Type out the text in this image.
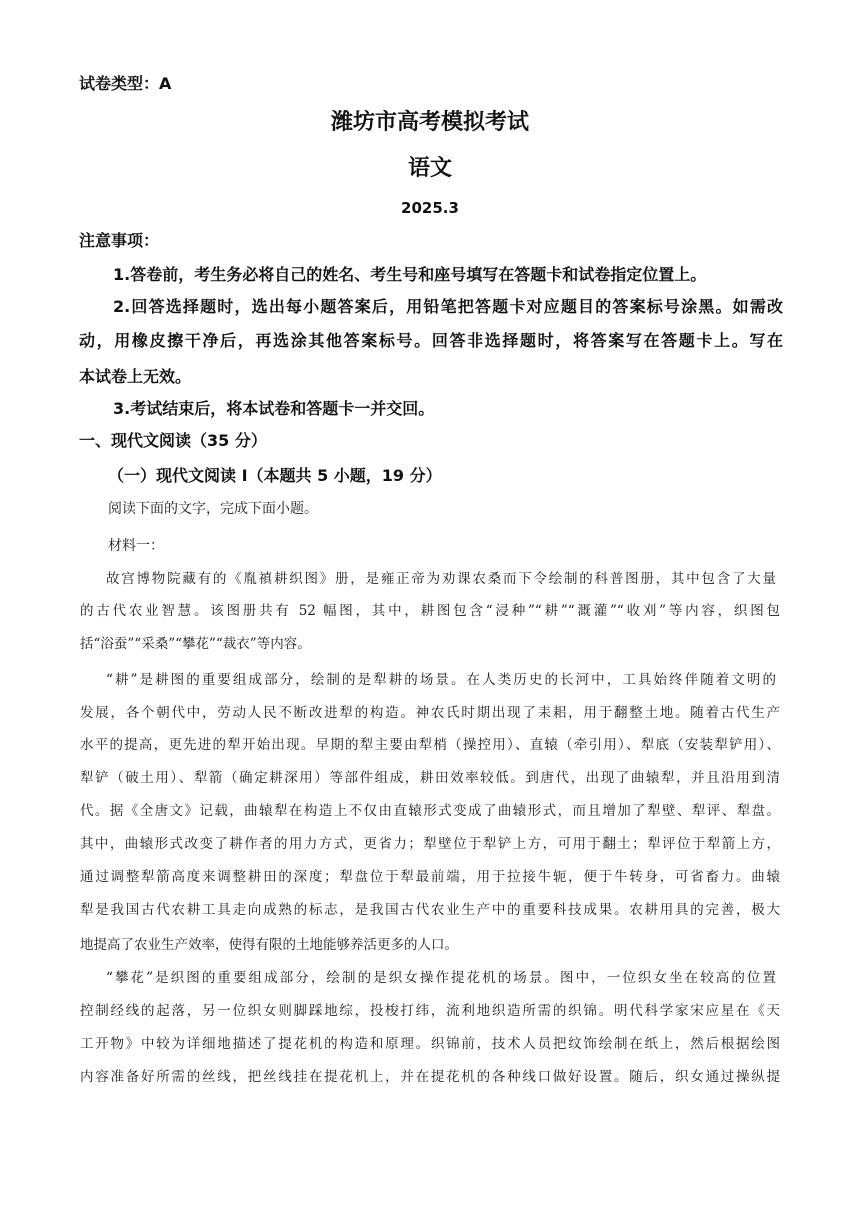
试卷类型：A
潍坊市高考模拟考试
语文
2025.3
注意事项：
1.答卷前，考生务必将自己的姓名、考生号和座号填写在答题卡和试卷指定位置上。
2.回答选择题时，选出每小题答案后，用铅笔把答题卡对应题目的答案标号涂黑。如需改
动，用橡皮擦干净后，再选涂其他答案标号。回答非选择题时，将答案写在答题卡上。写在
本试卷上无效。
3.考试结束后，将本试卷和答题卡一并交回。
一、现代文阅读（35 分）
（一）现代文阅读 I（本题共 5 小题，19 分）
阅读下面的文字，完成下面小题。
材料一：
故宫博物院藏有的《胤禛耕织图》册，是雍正帝为劝课农桑而下令绘制的科普图册，其中包含了大量
的古代农业智慧。该图册共有 52 幅图，其中，耕图包含“浸种”“耕”“溉灌”“收刈”等内容，织图包
括“浴蚕”“采桑”“攀花”“裁衣”等内容。
“耕”是耕图的重要组成部分，绘制的是犁耕的场景。在人类历史的长河中，工具始终伴随着文明的
发展，各个朝代中，劳动人民不断改进犁的构造。神农氏时期出现了耒耜，用于翻整土地。随着古代生产
水平的提高，更先进的犁开始出现。早期的犁主要由犁梢（操控用）、直辕（牵引用）、犁底（安装犁铲用）、
犁铲（破土用）、犁箭（确定耕深用）等部件组成，耕田效率较低。到唐代，出现了曲辕犁，并且沿用到清
代。据《全唐文》记载，曲辕犁在构造上不仅由直辕形式变成了曲辕形式，而且增加了犁壁、犁评、犁盘。
其中，曲辕形式改变了耕作者的用力方式，更省力；犁壁位于犁铲上方，可用于翻土；犁评位于犁箭上方，
通过调整犁箭高度来调整耕田的深度；犁盘位于犁最前端，用于拉接牛轭，便于牛转身，可省畜力。曲辕
犁是我国古代农耕工具走向成熟的标志，是我国古代农业生产中的重要科技成果。农耕用具的完善，极大
地提高了农业生产效率，使得有限的土地能够养活更多的人口。
“攀花”是织图的重要组成部分，绘制的是织女操作提花机的场景。图中，一位织女坐在较高的位置
控制经线的起落，另一位织女则脚踩地综，投梭打纬，流利地织造所需的织锦。明代科学家宋应星在《天
工开物》中较为详细地描述了提花机的构造和原理。织锦前，技术人员把纹饰绘制在纸上，然后根据绘图
内容准备好所需的丝线，把丝线挂在提花机上，并在提花机的各种线口做好设置。随后，织女通过操纵提
